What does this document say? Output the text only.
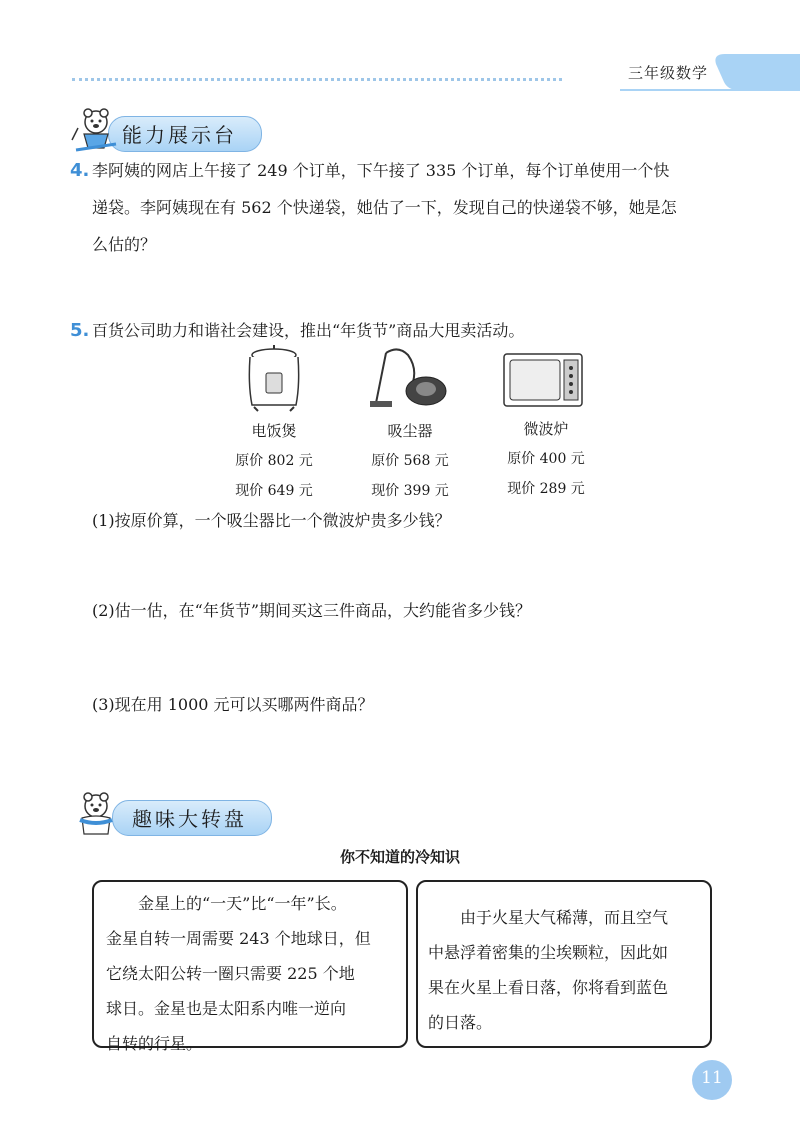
三年级数学
能力展示台
4. 李阿姨的网店上午接了 249 个订单，下午接了 335 个订单，每个订单使用一个快
递袋。李阿姨现在有 562 个快递袋，她估了一下，发现自己的快递袋不够，她是怎
么估的？
5. 百货公司助力和谐社会建设，推出“年货节”商品大甩卖活动。
电饭煲
原价 802 元
现价 649 元
吸尘器
原价 568 元
现价 399 元
微波炉
原价 400 元
现价 289 元
(1)按原价算，一个吸尘器比一个微波炉贵多少钱？
(2)估一估，在“年货节”期间买这三件商品，大约能省多少钱？
(3)现在用 1000 元可以买哪两件商品？
趣味大转盘
你不知道的冷知识
金星上的“一天”比“一年”长。
金星自转一周需要 243 个地球日，但
它绕太阳公转一圈只需要 225 个地
球日。金星也是太阳系内唯一逆向
自转的行星。
由于火星大气稀薄，而且空气
中悬浮着密集的尘埃颗粒，因此如
果在火星上看日落，你将看到蓝色
的日落。
11
